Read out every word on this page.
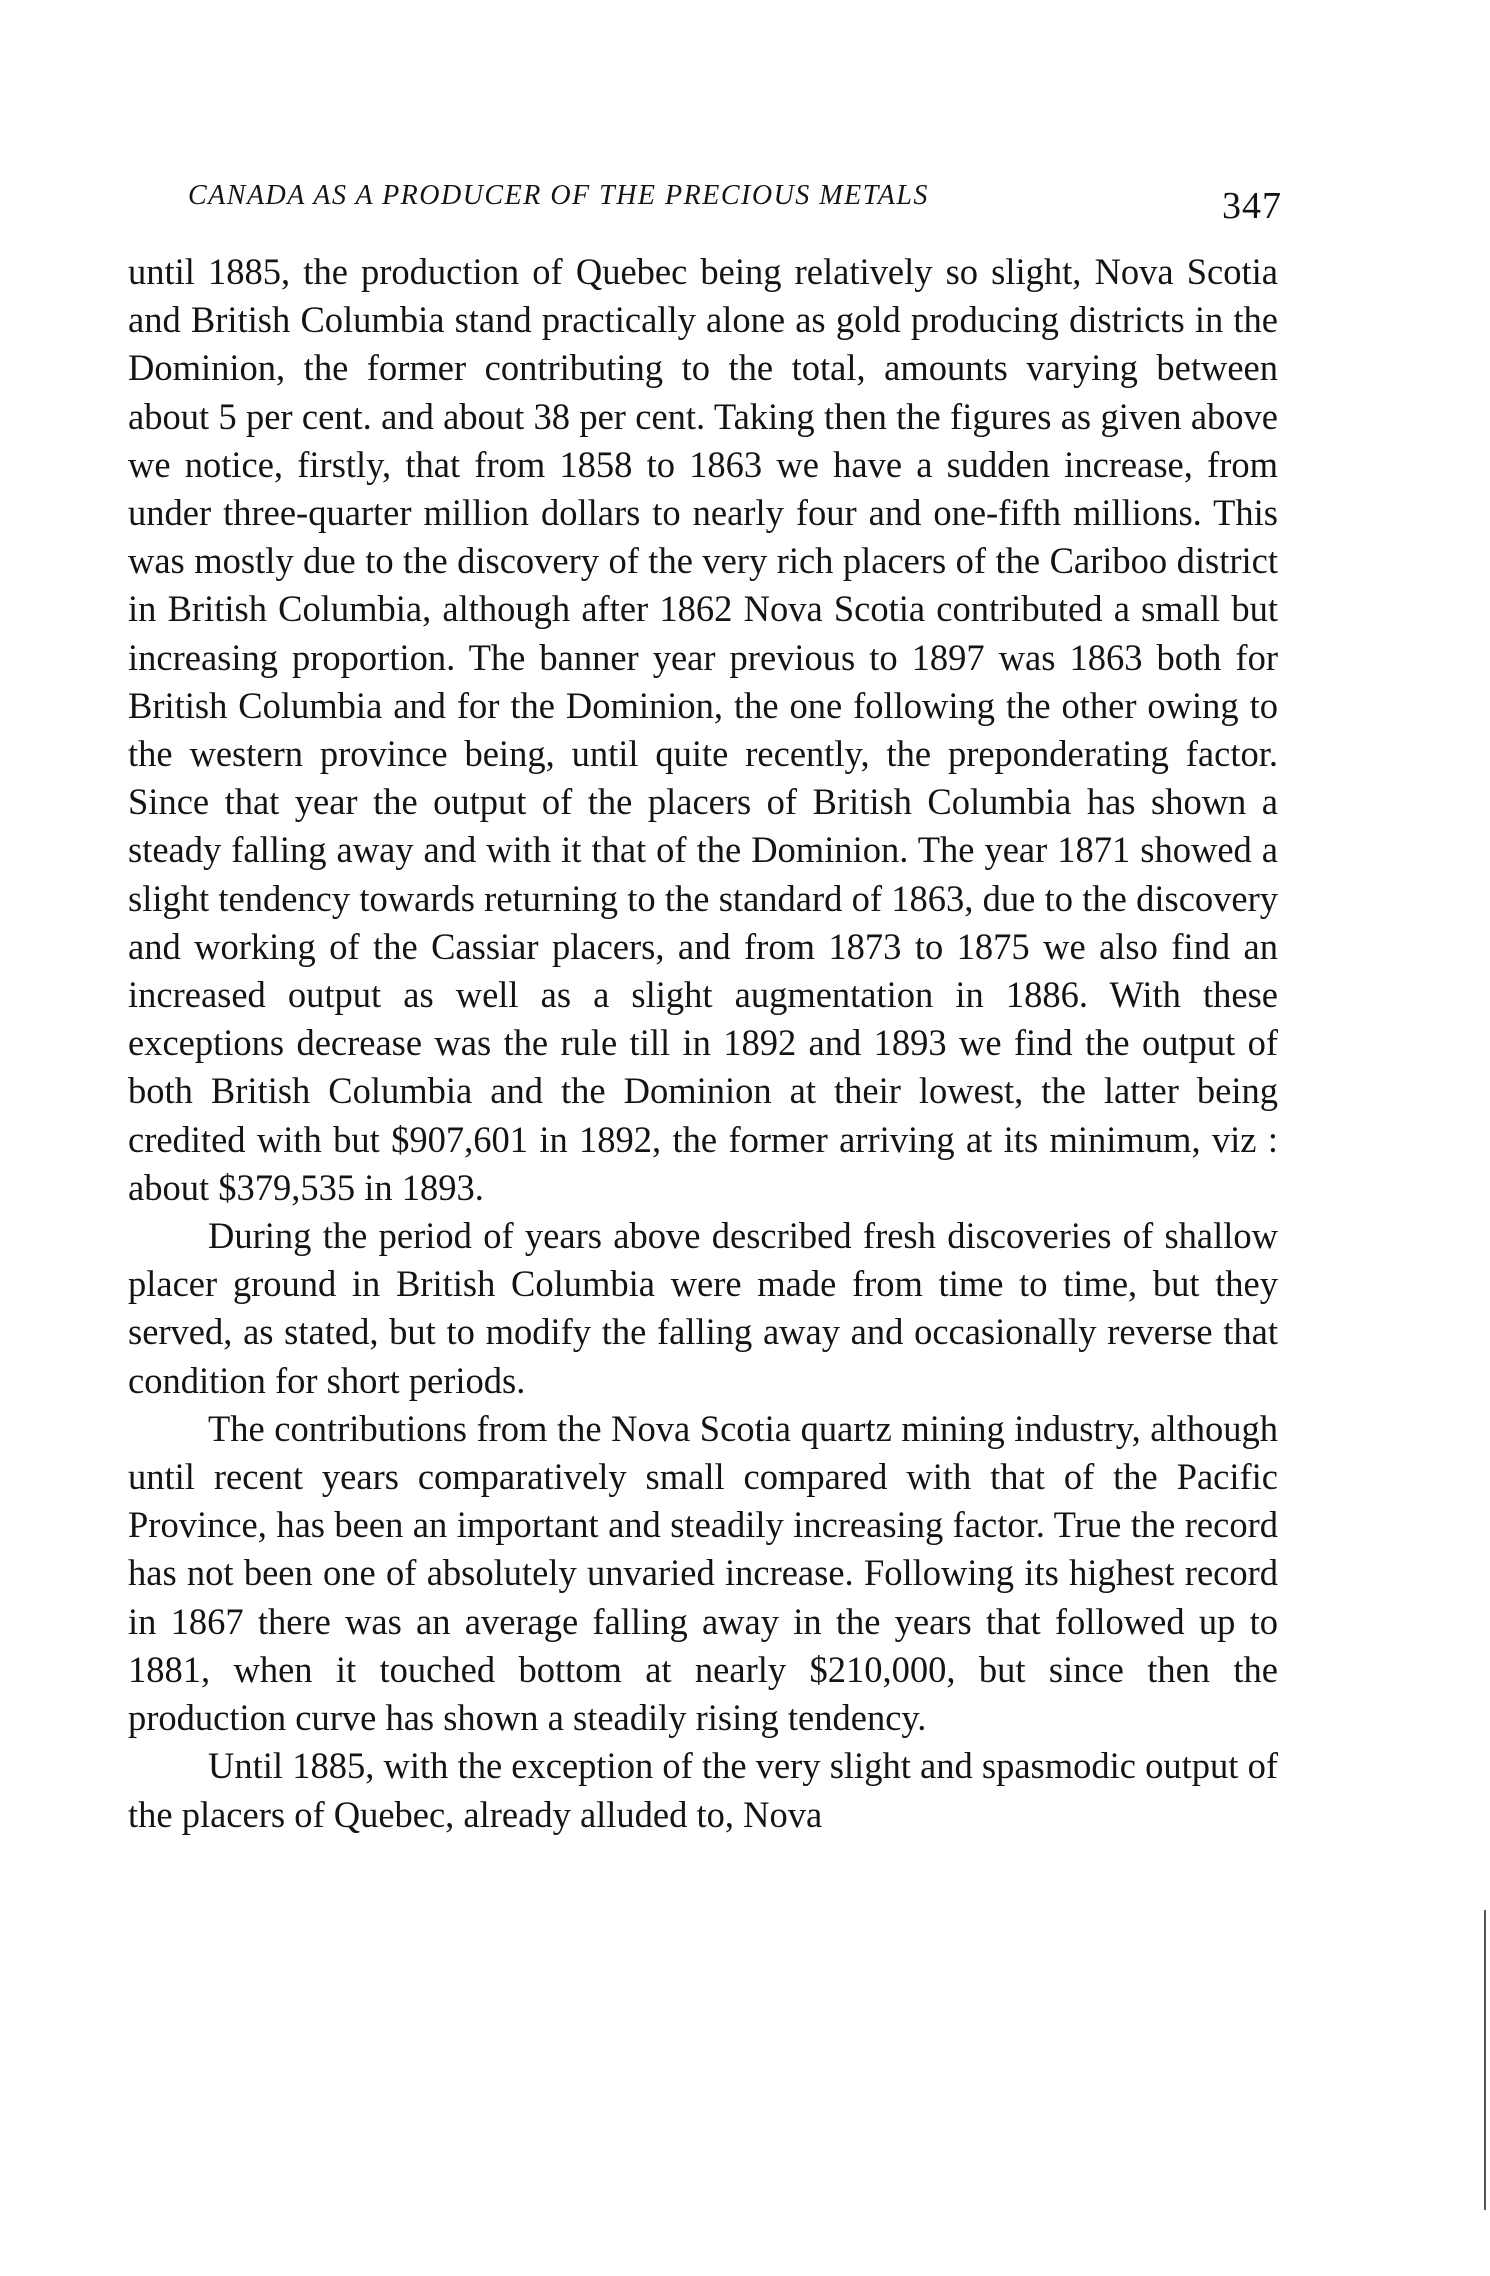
CANADA AS A PRODUCER OF THE PRECIOUS METALS	347

until 1885, the production of Quebec being relatively so slight, Nova Scotia and British Columbia stand practically alone as gold producing districts in the Dominion, the former contributing to the total, amounts varying between about 5 per cent. and about 38 per cent. Taking then the figures as given above we notice, firstly, that from 1858 to 1863 we have a sudden increase, from under three-quarter million dollars to nearly four and one-fifth millions. This was mostly due to the discovery of the very rich placers of the Cariboo district in British Columbia, although after 1862 Nova Scotia contributed a small but increasing proportion. The banner year previous to 1897 was 1863 both for British Columbia and for the Dominion, the one following the other owing to the western province being, until quite recently, the preponderating factor. Since that year the output of the placers of British Columbia has shown a steady falling away and with it that of the Dominion. The year 1871 showed a slight tendency towards returning to the standard of 1863, due to the discovery and working of the Cassiar placers, and from 1873 to 1875 we also find an increased output as well as a slight augmentation in 1886. With these exceptions decrease was the rule till in 1892 and 1893 we find the output of both British Columbia and the Dominion at their lowest, the latter being credited with but $907,601 in 1892, the former arriving at its minimum, viz : about $379,535 in 1893.

During the period of years above described fresh discoveries of shallow placer ground in British Columbia were made from time to time, but they served, as stated, but to modify the falling away and occasionally reverse that condition for short periods.

The contributions from the Nova Scotia quartz mining industry, although until recent years comparatively small compared with that of the Pacific Province, has been an important and steadily increasing factor. True the record has not been one of absolutely unvaried increase. Following its highest record in 1867 there was an average falling away in the years that followed up to 1881, when it touched bottom at nearly $210,000, but since then the production curve has shown a steadily rising tendency.

Until 1885, with the exception of the very slight and spasmodic output of the placers of Quebec, already alluded to, Nova
